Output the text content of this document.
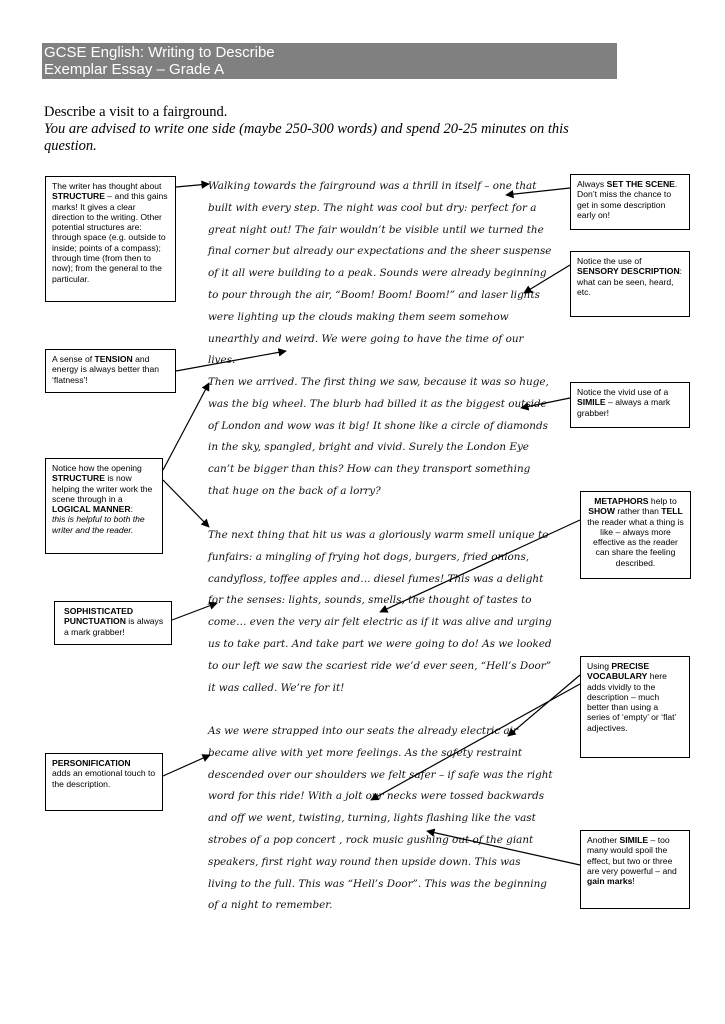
GCSE English: Writing to Describe
Exemplar Essay – Grade A

Describe a visit to a fairground.

You are advised to write one side (maybe 250-300 words) and spend 20-25 minutes on this question.

Walking towards the fairground was a thrill in itself – one that built with every step. The night was cool but dry: perfect for a great night out! The fair wouldn’t be visible until we turned the final corner but already our expectations and the sheer suspense of it all were building to a peak. Sounds were already beginning to pour through the air, “Boom! Boom! Boom!” and laser lights were lighting up the clouds making them seem somehow unearthly and weird. We were going to have the time of our lives.

Then we arrived. The first thing we saw, because it was so huge, was the big wheel. The blurb had billed it as the biggest outside of London and wow was it big! It shone like a circle of diamonds in the sky, spangled, bright and vivid. Surely the London Eye can’t be bigger than this? How can they transport something that huge on the back of a lorry?

The next thing that hit us was a gloriously warm smell unique to funfairs: a mingling of frying hot dogs, burgers, fried onions, candyfloss, toffee apples and… diesel fumes! This was a delight for the senses: lights, sounds, smells, the thought of tastes to come… even the very air felt electric as if it was alive and urging us to take part. And take part we were going to do! As we looked to our left we saw the scariest ride we’d ever seen, “Hell’s Door” it was called. We’re for it!

As we were strapped into our seats the already electric air became alive with yet more feelings. As the safety restraint descended over our shoulders we felt safer – if safe was the right word for this ride! With a jolt our necks were tossed backwards and off we went, twisting, turning, lights flashing like the vast strobes of a pop concert , rock music gushing out of the giant speakers, first right way round then upside down. This was living to the full. This was “Hell’s Door”. This was the beginning of a night to remember.

The writer has thought about STRUCTURE – and this gains marks! It gives a clear direction to the writing. Other potential structures are: through space (e.g. outside to inside; points of a compass); through time (from then to now); from the general to the particular.
A sense of TENSION and energy is always better than ‘flatness’!
Notice how the opening STRUCTURE is now helping the writer work the scene through in a LOGICAL MANNER:
this is helpful to both the writer and the reader.
SOPHISTICATED PUNCTUATION is always a mark grabber!
PERSONIFICATION
adds an emotional touch to the description.
Always SET THE SCENE. Don’t miss the chance to get in some description early on!
Notice the use of SENSORY DESCRIPTION: what can be seen, heard, etc.
Notice the vivid use of a SIMILE – always a mark grabber!
METAPHORS help to SHOW rather than TELL the reader what a thing is like – always more effective as the reader can share the feeling described.
Using PRECISE VOCABULARY here adds vividly to the description – much better than using a series of ‘empty’ or ‘flat’ adjectives.
Another SIMILE – too many would spoil the effect, but two or three are very powerful – and gain marks!
